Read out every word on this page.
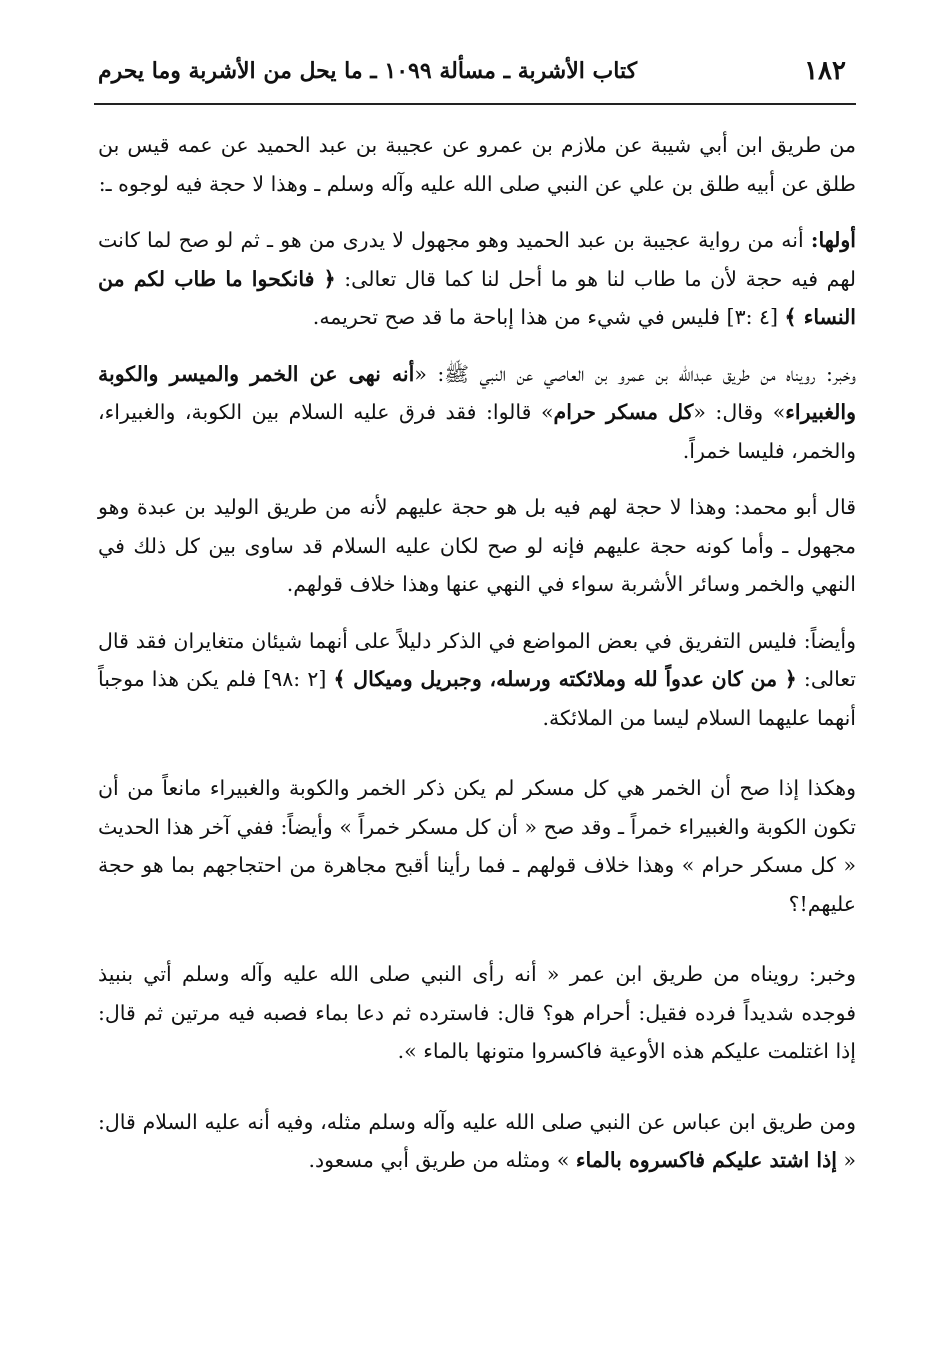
١٨٢
كتاب الأشربة ـ مسألة ١٠٩٩ ـ ما يحل من الأشربة وما يحرم

من طريق ابن أبي شيبة عن ملازم بن عمرو عن عجيبة بن عبد الحميد عن عمه قيس بن طلق عن أبيه طلق بن علي عن النبي صلى الله عليه وآله وسلم ـ وهذا لا حجة فيه لوجوه ـ:

أولها: أنه من رواية عجيبة بن عبد الحميد وهو مجهول لا يدرى من هو ـ ثم لو صح لما كانت لهم فيه حجة لأن ما طاب لنا هو ما أحل لنا كما قال تعالى: ﴿ فانكحوا ما طاب لكم من النساء ﴾ [٤ :٣] فليس في شيء من هذا إباحة ما قد صح تحريمه.

وخبر: رويناه من طريق عبدالله بن عمرو بن العاصي عن النبي ﷺ: «أنه نهى عن الخمر والميسر والكوبة والغبيراء» وقال: «كل مسكر حرام» قالوا: فقد فرق عليه السلام بين الكوبة، والغبيراء، والخمر، فليسا خمراً.

قال أبو محمد: وهذا لا حجة لهم فيه بل هو حجة عليهم لأنه من طريق الوليد بن عبدة وهو مجهول ـ وأما كونه حجة عليهم فإنه لو صح لكان عليه السلام قد ساوى بين كل ذلك في النهي والخمر وسائر الأشربة سواء في النهي عنها وهذا خلاف قولهم.

وأيضاً: فليس التفريق في بعض المواضع في الذكر دليلاً على أنهما شيئان متغايران فقد قال تعالى: ﴿ من كان عدواً لله وملائكته ورسله، وجبريل وميكال ﴾ [٢ :٩٨] فلم يكن هذا موجباً أنهما عليهما السلام ليسا من الملائكة.

وهكذا إذا صح أن الخمر هي كل مسكر لم يكن ذكر الخمر والكوبة والغبيراء مانعاً من أن تكون الكوبة والغبيراء خمراً ـ وقد صح « أن كل مسكر خمراً » وأيضاً: ففي آخر هذا الحديث « كل مسكر حرام » وهذا خلاف قولهم ـ فما رأينا أقبح مجاهرة من احتجاجهم بما هو حجة عليهم!؟

وخبر: رويناه من طريق ابن عمر « أنه رأى النبي صلى الله عليه وآله وسلم أتي بنبيذ فوجده شديداً فرده فقيل: أحرام هو؟ قال: فاسترده ثم دعا بماء فصبه فيه مرتين ثم قال: إذا اغتلمت عليكم هذه الأوعية فاكسروا متونها بالماء ».

ومن طريق ابن عباس عن النبي صلى الله عليه وآله وسلم مثله، وفيه أنه عليه السلام قال: « إذا اشتد عليكم فاكسروه بالماء » ومثله من طريق أبي مسعود.
